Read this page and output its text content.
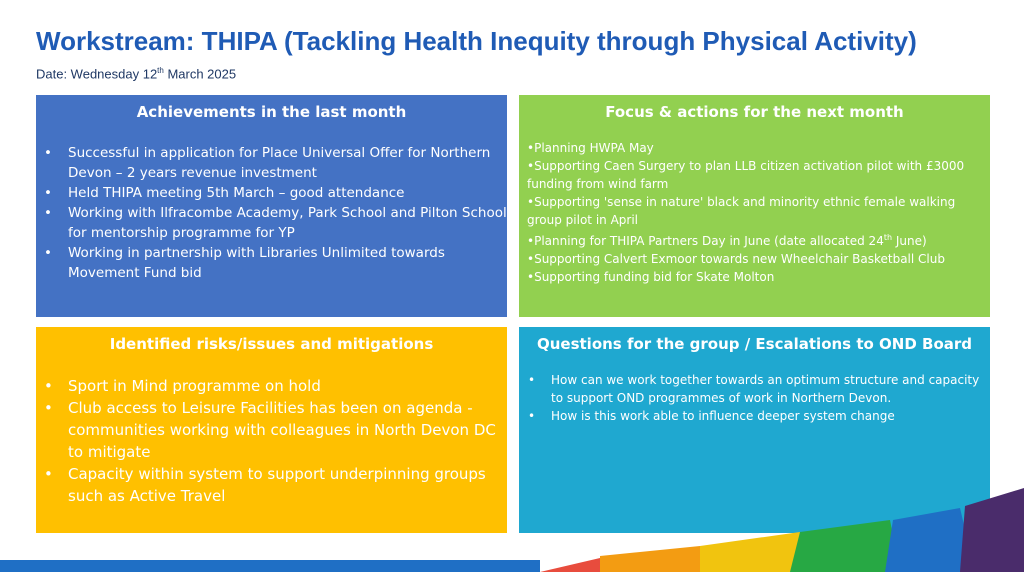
Workstream: THIPA (Tackling Health Inequity through Physical Activity)
Date: Wednesday 12th March 2025
Achievements in the last month
• Successful in application for Place Universal Offer for Northern Devon – 2 years revenue investment
• Held THIPA meeting 5th March – good attendance
• Working with Ilfracombe Academy, Park School and Pilton School for mentorship programme for YP
• Working in partnership with Libraries Unlimited towards Movement Fund bid
Focus & actions for the next month
•Planning HWPA May
•Supporting Caen Surgery to plan LLB citizen activation pilot with £3000 funding from wind farm
•Supporting 'sense in nature' black and minority ethnic female walking group pilot in April
•Planning for THIPA Partners Day in June (date allocated 24th June)
•Supporting Calvert Exmoor towards new Wheelchair Basketball Club
•Supporting funding bid for Skate Molton
Identified risks/issues and mitigations
• Sport in Mind programme on hold
• Club access to Leisure Facilities has been on agenda - communities working with colleagues in North Devon DC to mitigate
• Capacity within system to support underpinning groups such as Active Travel
Questions for the group / Escalations to OND Board
• How can we work together towards an optimum structure and capacity to support OND programmes of work in Northern Devon.
• How is this work able to influence deeper system change
